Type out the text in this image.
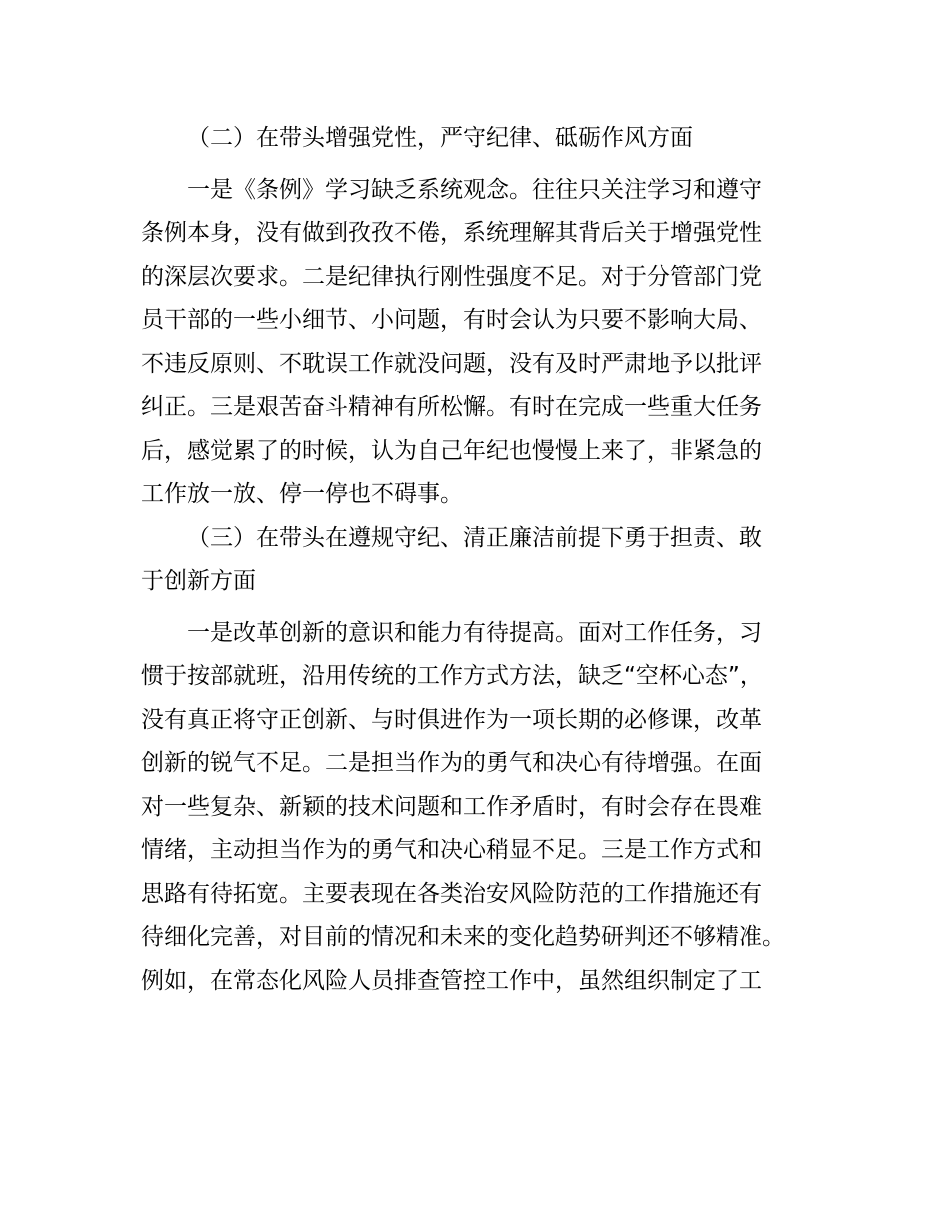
（二）在带头增强党性，严守纪律、砥砺作风方面
一是《条例》学习缺乏系统观念。往往只关注学习和遵守
条例本身，没有做到孜孜不倦，系统理解其背后关于增强党性
的深层次要求。二是纪律执行刚性强度不足。对于分管部门党
员干部的一些小细节、小问题，有时会认为只要不影响大局、
不违反原则、不耽误工作就没问题，没有及时严肃地予以批评
纠正。三是艰苦奋斗精神有所松懈。有时在完成一些重大任务
后，感觉累了的时候，认为自己年纪也慢慢上来了，非紧急的
工作放一放、停一停也不碍事。
（三）在带头在遵规守纪、清正廉洁前提下勇于担责、敢
于创新方面
一是改革创新的意识和能力有待提高。面对工作任务，习
惯于按部就班，沿用传统的工作方式方法，缺乏“空杯心态”，
没有真正将守正创新、与时俱进作为一项长期的必修课，改革
创新的锐气不足。二是担当作为的勇气和决心有待增强。在面
对一些复杂、新颖的技术问题和工作矛盾时，有时会存在畏难
情绪，主动担当作为的勇气和决心稍显不足。三是工作方式和
思路有待拓宽。主要表现在各类治安风险防范的工作措施还有
待细化完善，对目前的情况和未来的变化趋势研判还不够精准。
例如，在常态化风险人员排查管控工作中，虽然组织制定了工
